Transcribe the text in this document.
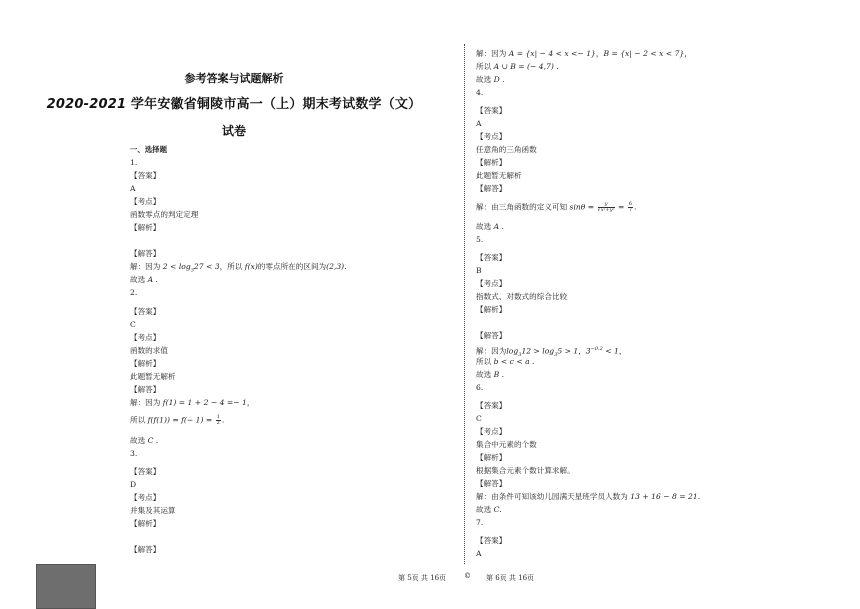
参考答案与试题解析
2020-2021 学年安徽省铜陵市高一（上）期末考试数学（文）
试卷
一、选择题
1.
【答案】
A
【考点】
函数零点的判定定理
【解析】
【解答】
解：因为 $2 < \log_327 < 3$，所以 f(x)的零点所在的区间为(2,3).
故选 A .
2.
【答案】
C
【考点】
函数的求值
【解析】
此题暂无解析
【解答】
解：因为 f(1) = 1 + 2 − 4 =− 1，
所以 $f(f(1)) = f(- 1) = \frac{1}{2}$ .
故选 C .
3.
【答案】
D
【考点】
并集及其运算
【解析】
【解答】
解：因为 A = {x| − 4 < x <− 1}，B = {x| − 2 < x < 7}，
所以 A ∪ B = (− 4,7) .
故选 D .
4.
【答案】
A
【考点】
任意角的三角函数
【解析】
此题暂无解析
【解答】
解：由三角函数的定义可知 $\sin\theta = \frac{y}{\text{√x²+y²}} = \frac{6}{7}$ .
故选 A .
5.
【答案】
B
【考点】
指数式、对数式的综合比较
【解析】
【解答】
解：因为$\log_312 > \log_35 > 1$，$3^{-0.2} < 1$，
所以 b < c < a .
故选 B .
6.
【答案】
C
【考点】
集合中元素的个数
【解析】
根据集合元素个数计算求解。
【解答】
解：由条件可知该幼儿园满天星班学员人数为 13 + 16 − 8 = 21.
故选 C.
7.
【答案】
A
第 5页 共 16页	© 第 6页 共 16页
